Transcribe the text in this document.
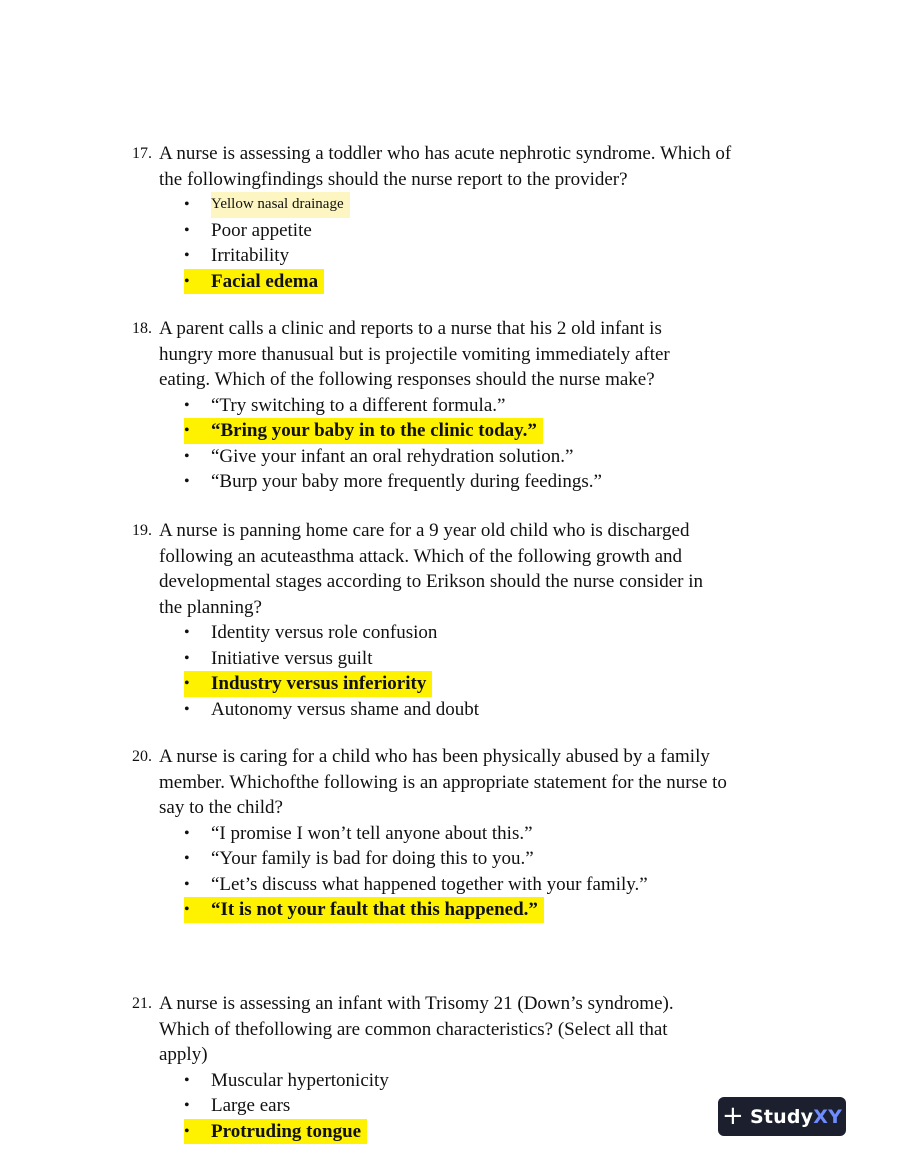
17. A nurse is assessing a toddler who has acute nephrotic syndrome. Which of
the followingfindings should the nurse report to the provider?
•	Yellow nasal drainage
•	Poor appetite
•	Irritability
•	Facial edema
18. A parent calls a clinic and reports to a nurse that his 2 old infant is
hungry more thanusual but is projectile vomiting immediately after
eating. Which of the following responses should the nurse make?
•	“Try switching to a different formula.”
•	“Bring your baby in to the clinic today.”
•	“Give your infant an oral rehydration solution.”
•	“Burp your baby more frequently during feedings.”
19. A nurse is panning home care for a 9 year old child who is discharged
following an acuteasthma attack. Which of the following growth and
developmental stages according to Erikson should the nurse consider in
the planning?
•	Identity versus role confusion
•	Initiative versus guilt
•	Industry versus inferiority
•	Autonomy versus shame and doubt
20. A nurse is caring for a child who has been physically abused by a family
member. Whichofthe following is an appropriate statement for the nurse to
say to the child?
•	“I promise I won’t tell anyone about this.”
•	“Your family is bad for doing this to you.”
•	“Let’s discuss what happened together with your family.”
•	“It is not your fault that this happened.”
21. A nurse is assessing an infant with Trisomy 21 (Down’s syndrome).
Which of thefollowing are common characteristics? (Select all that
apply)
•	Muscular hypertonicity
•	Large ears
•	Protruding tongue
+ Study XY
